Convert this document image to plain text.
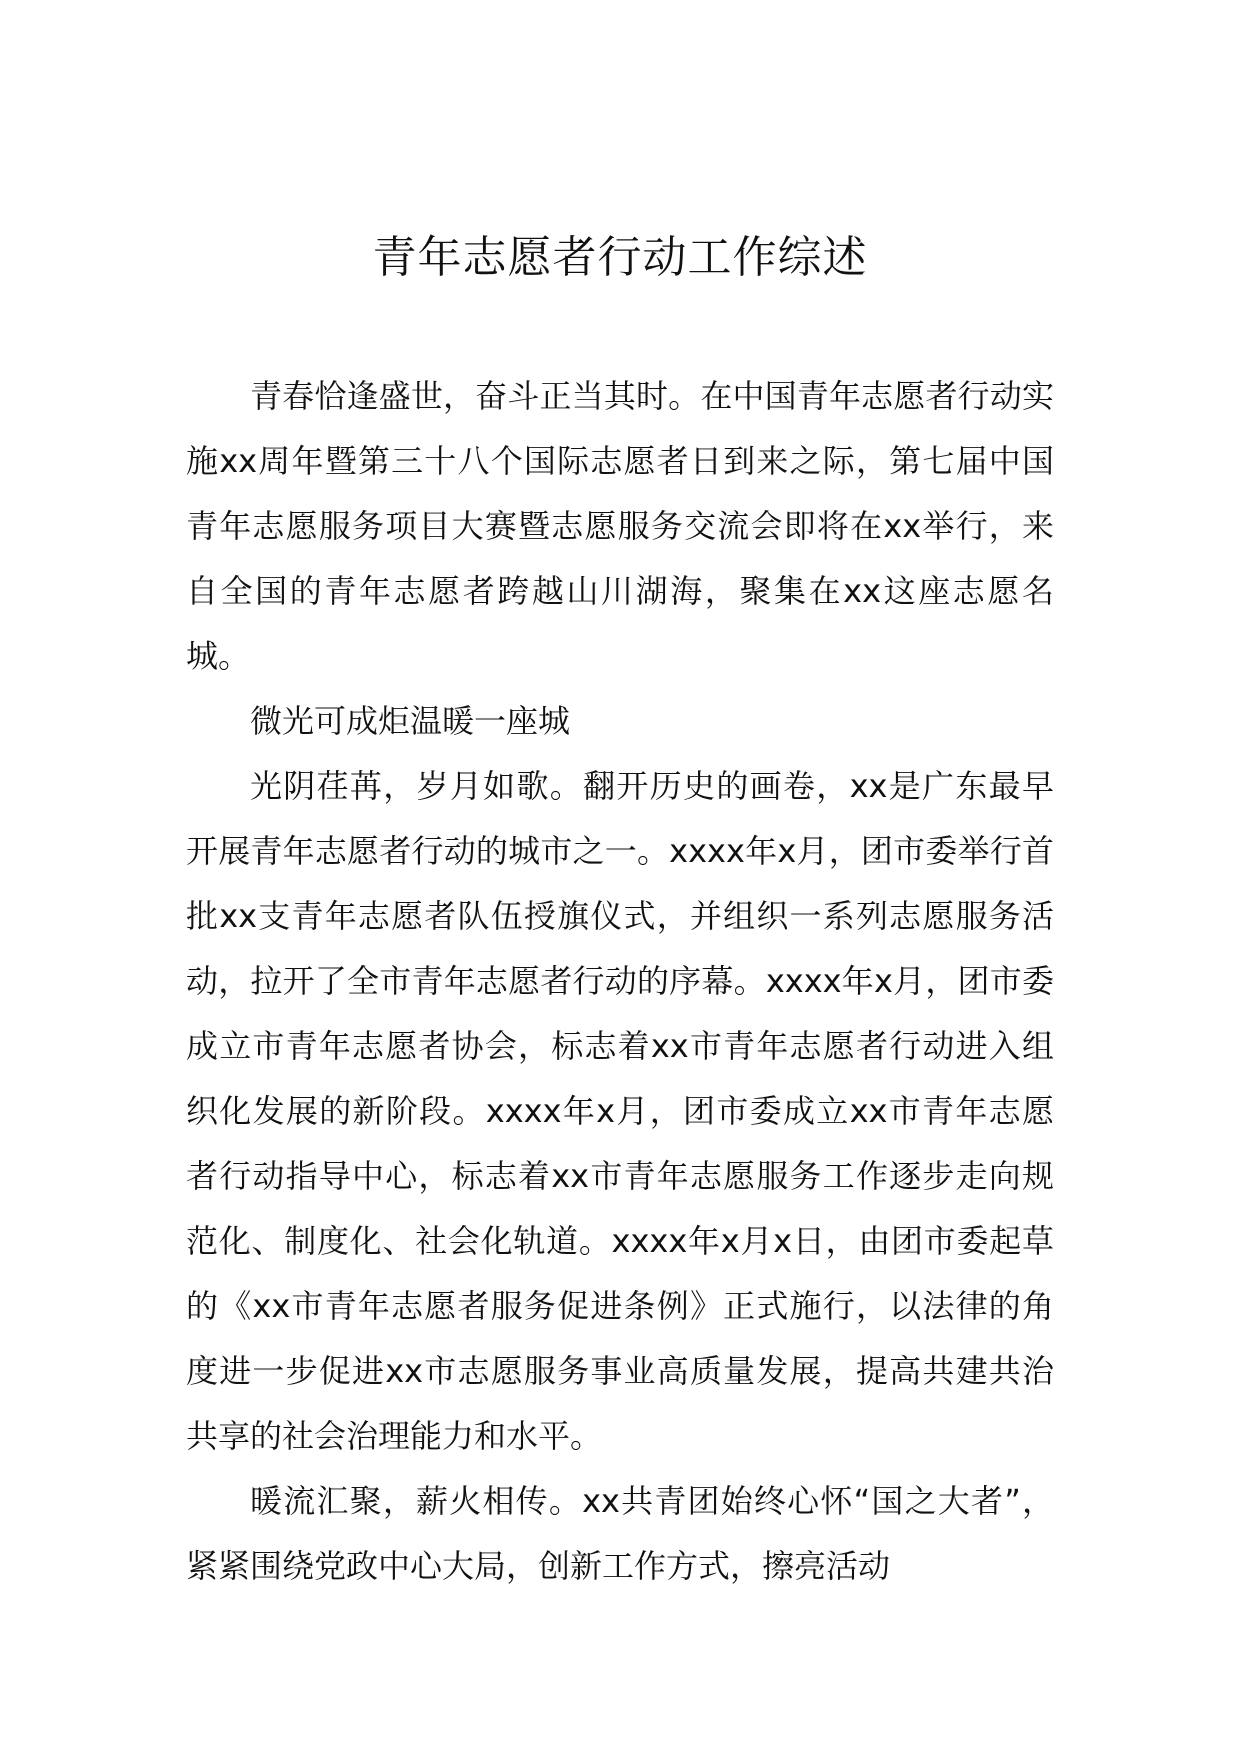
青年志愿者行动工作综述

青春恰逢盛世，奋斗正当其时。在中国青年志愿者行动实施xx周年暨第三十八个国际志愿者日到来之际，第七届中国青年志愿服务项目大赛暨志愿服务交流会即将在xx举行，来自全国的青年志愿者跨越山川湖海，聚集在xx这座志愿名城。

微光可成炬温暖一座城

光阴荏苒，岁月如歌。翻开历史的画卷，xx是广东最早开展青年志愿者行动的城市之一。xxxx年x月，团市委举行首批xx支青年志愿者队伍授旗仪式，并组织一系列志愿服务活动，拉开了全市青年志愿者行动的序幕。xxxx年x月，团市委成立市青年志愿者协会，标志着xx市青年志愿者行动进入组织化发展的新阶段。xxxx年x月，团市委成立xx市青年志愿者行动指导中心，标志着xx市青年志愿服务工作逐步走向规范化、制度化、社会化轨道。xxxx年x月x日，由团市委起草的《xx市青年志愿者服务促进条例》正式施行，以法律的角度进一步促进xx市志愿服务事业高质量发展，提高共建共治共享的社会治理能力和水平。

暖流汇聚，薪火相传。xx共青团始终心怀“国之大者”，紧紧围绕党政中心大局，创新工作方式，擦亮活动
